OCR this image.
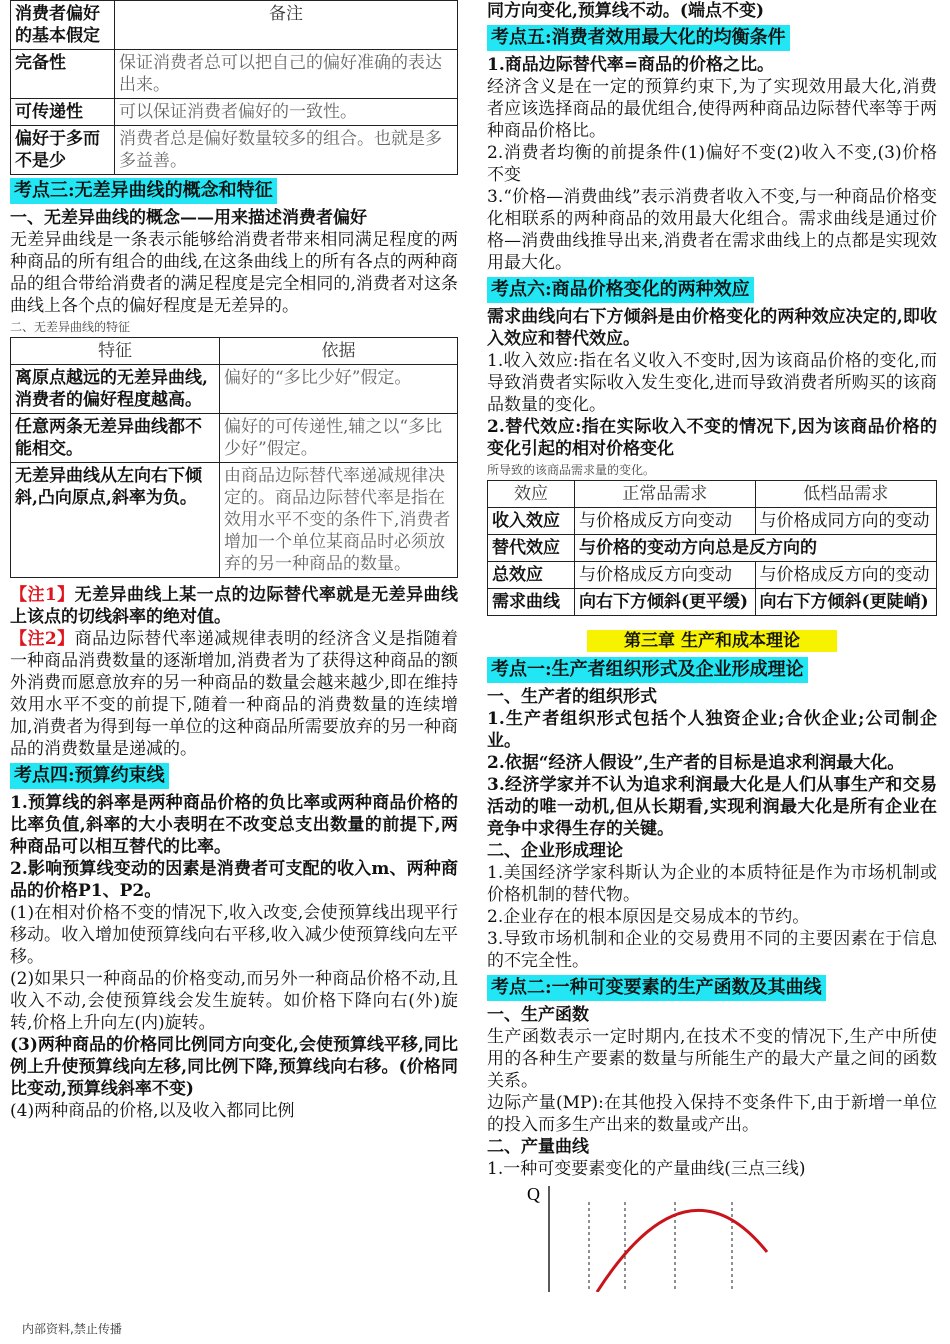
消费者偏好的基本假定	备注
完备性	保证消费者总可以把自己的偏好准确的表达出来。
可传递性	可以保证消费者偏好的一致性。
偏好于多而不是少	消费者总是偏好数量较多的组合。也就是多多益善。
考点三:无差异曲线的概念和特征

一、无差异曲线的概念——用来描述消费者偏好

无差异曲线是一条表示能够给消费者带来相同满足程度的两种商品的所有组合的曲线,在这条曲线上的所有各点的两种商品的组合带给消费者的满足程度是完全相同的,消费者对这条曲线上各个点的偏好程度是无差异的。

二、无差异曲线的特征

特征	依据
离原点越远的无差异曲线,消费者的偏好程度越高。	偏好的“多比少好”假定。
任意两条无差异曲线都不能相交。	偏好的可传递性,辅之以“多比少好”假定。
无差异曲线从左向右下倾斜,凸向原点,斜率为负。	由商品边际替代率递减规律决定的。商品边际替代率是指在效用水平不变的条件下,消费者增加一个单位某商品时必须放弃的另一种商品的数量。

【注1】无差异曲线上某一点的边际替代率就是无差异曲线上该点的切线斜率的绝对值。

【注2】商品边际替代率递减规律表明的经济含义是指随着一种商品消费数量的逐渐增加,消费者为了获得这种商品的额外消费而愿意放弃的另一种商品的数量会越来越少,即在维持效用水平不变的前提下,随着一种商品的消费数量的连续增加,消费者为得到每一单位的这种商品所需要放弃的另一种商品的消费数量是递减的。

考点四:预算约束线

1.预算线的斜率是两种商品价格的负比率或两种商品价格的比率负值,斜率的大小表明在不改变总支出数量的前提下,两种商品可以相互替代的比率。

2.影响预算线变动的因素是消费者可支配的收入m、两种商品的价格P1、P2。

(1)在相对价格不变的情况下,收入改变,会使预算线出现平行移动。收入增加使预算线向右平移,收入减少使预算线向左平移。

(2)如果只一种商品的价格变动,而另外一种商品价格不动,且收入不动,会使预算线会发生旋转。如价格下降向右(外)旋转,价格上升向左(内)旋转。

(3)两种商品的价格同比例同方向变化,会使预算线平移,同比例上升使预算线向左移,同比例下降,预算线向右移。(价格同比变动,预算线斜率不变)

(4)两种商品的价格,以及收入都同比例

同方向变化,预算线不动。(端点不变)

考点五:消费者效用最大化的均衡条件

1.商品边际替代率=商品的价格之比。

经济含义是在一定的预算约束下,为了实现效用最大化,消费者应该选择商品的最优组合,使得两种商品边际替代率等于两种商品价格比。

2.消费者均衡的前提条件(1)偏好不变(2)收入不变,(3)价格不变

3.“价格—消费曲线”表示消费者收入不变,与一种商品价格变化相联系的两种商品的效用最大化组合。需求曲线是通过价格—消费曲线推导出来,消费者在需求曲线上的点都是实现效用最大化。

考点六:商品价格变化的两种效应

需求曲线向右下方倾斜是由价格变化的两种效应决定的,即收入效应和替代效应。

1.收入效应:指在名义收入不变时,因为该商品价格的变化,而导致消费者实际收入发生变化,进而导致消费者所购买的该商品数量的变化。

2.替代效应:指在实际收入不变的情况下,因为该商品价格的变化引起的相对价格变化

所导致的该商品需求量的变化。

效应	正常品需求	低档品需求
收入效应	与价格成反方向变动	与价格成同方向的变动
替代效应	与价格的变动方向总是反方向的	
总效应	与价格成反方向变动	与价格成反方向的变动
需求曲线	向右下方倾斜(更平缓)	向右下方倾斜(更陡峭)
第三章 生产和成本理论
考点一:生产者组织形式及企业形成理论

一、生产者的组织形式

1.生产者组织形式包括个人独资企业;合伙企业;公司制企业。

2.依据“经济人假设”,生产者的目标是追求利润最大化。

3.经济学家并不认为追求利润最大化是人们从事生产和交易活动的唯一动机,但从长期看,实现利润最大化是所有企业在竞争中求得生存的关键。

二、企业形成理论

1.美国经济学家科斯认为企业的本质特征是作为市场机制或价格机制的替代物。

2.企业存在的根本原因是交易成本的节约。

3.导致市场机制和企业的交易费用不同的主要因素在于信息的不完全性。

考点二:一种可变要素的生产函数及其曲线

一、生产函数

生产函数表示一定时期内,在技术不变的情况下,生产中所使用的各种生产要素的数量与所能生产的最大产量之间的函数关系。

边际产量(MP):在其他投入保持不变条件下,由于新增一单位的投入而多生产出来的数量或产出。

二、产量曲线

1.一种可变要素变化的产量曲线(三点三线)

Q
内部资料,禁止传播
